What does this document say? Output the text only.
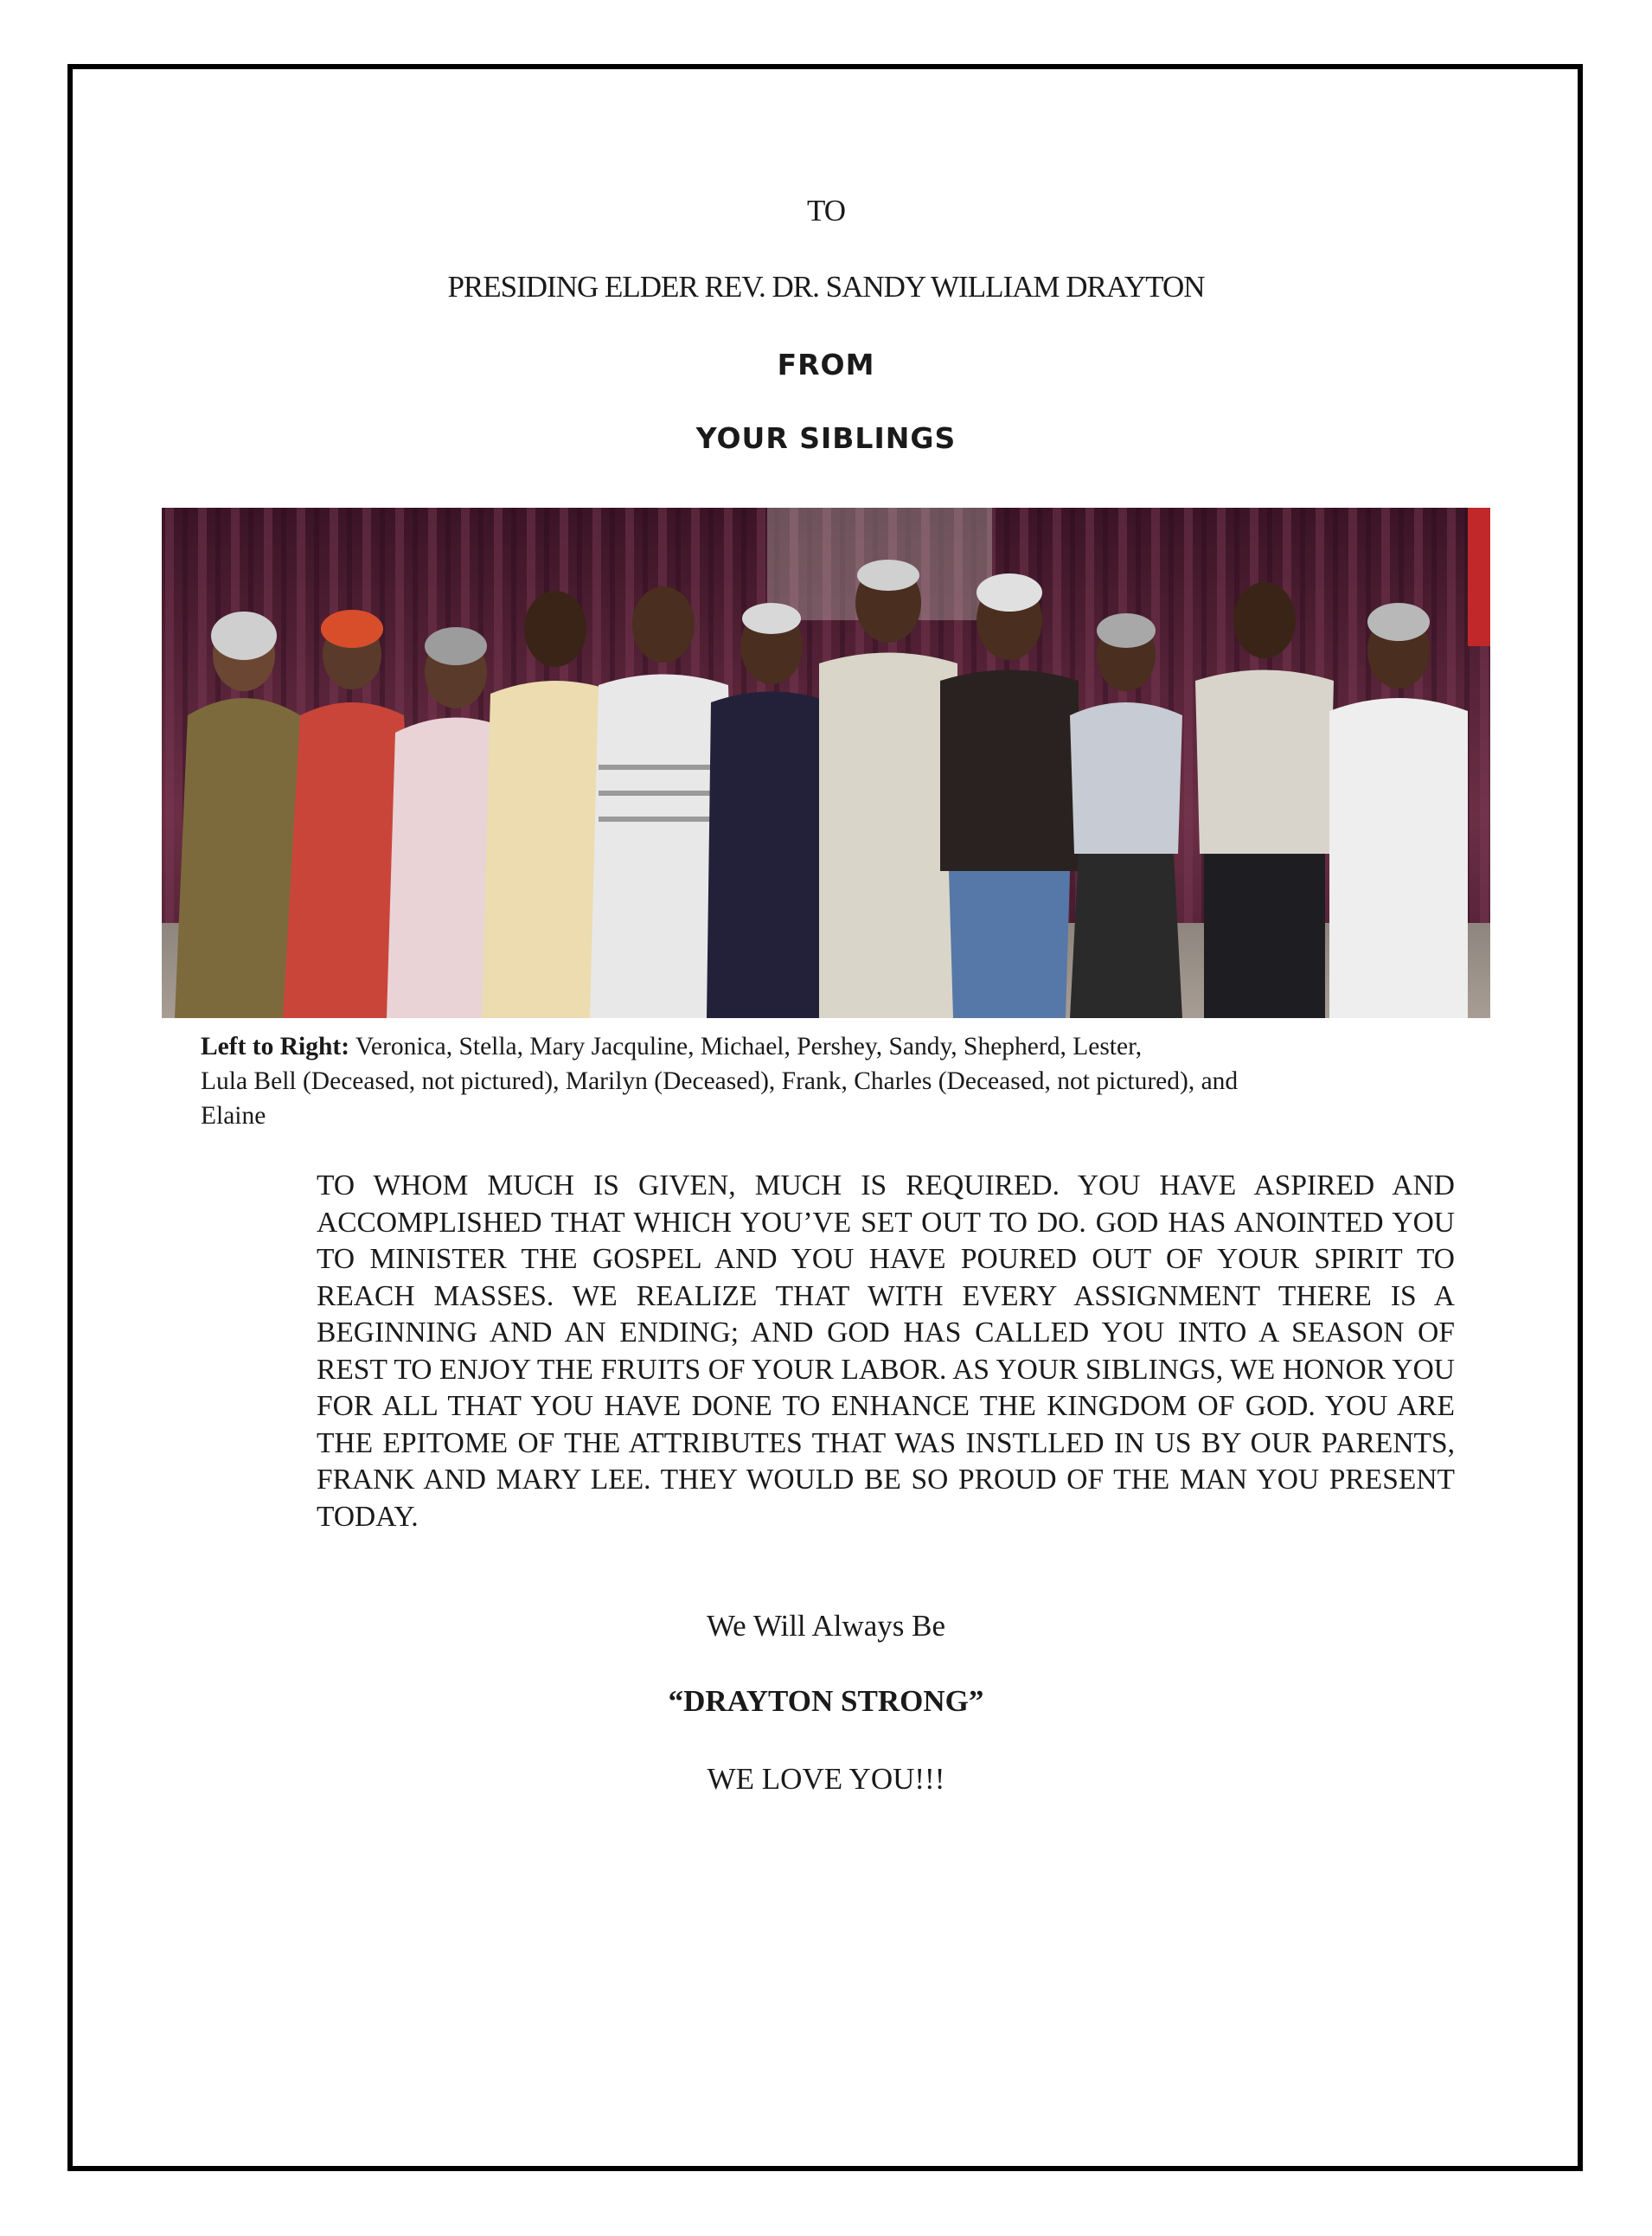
TO
PRESIDING ELDER REV. DR. SANDY WILLIAM DRAYTON
FROM
YOUR SIBLINGS
Left to Right: Veronica, Stella, Mary Jacquline, Michael, Pershey, Sandy, Shepherd, Lester,
Lula Bell (Deceased, not pictured), Marilyn (Deceased), Frank, Charles (Deceased, not pictured), and
Elaine
TO WHOM MUCH IS GIVEN, MUCH IS REQUIRED. YOU HAVE ASPIRED AND ACCOMPLISHED THAT WHICH YOU’VE SET OUT TO DO. GOD HAS ANOINTED YOU TO MINISTER THE GOSPEL AND YOU HAVE POURED OUT OF YOUR SPIRIT TO REACH MASSES. WE REALIZE THAT WITH EVERY ASSIGNMENT THERE IS A BEGINNING AND AN ENDING; AND GOD HAS CALLED YOU INTO A SEASON OF REST TO ENJOY THE FRUITS OF YOUR LABOR. AS YOUR SIBLINGS, WE HONOR YOU FOR ALL THAT YOU HAVE DONE TO ENHANCE THE KINGDOM OF GOD. YOU ARE THE EPITOME OF THE ATTRIBUTES THAT WAS INSTLLED IN US BY OUR PARENTS, FRANK AND MARY LEE. THEY WOULD BE SO PROUD OF THE MAN YOU PRESENT TODAY.
We Will Always Be
“DRAYTON STRONG”
WE LOVE YOU!!!
